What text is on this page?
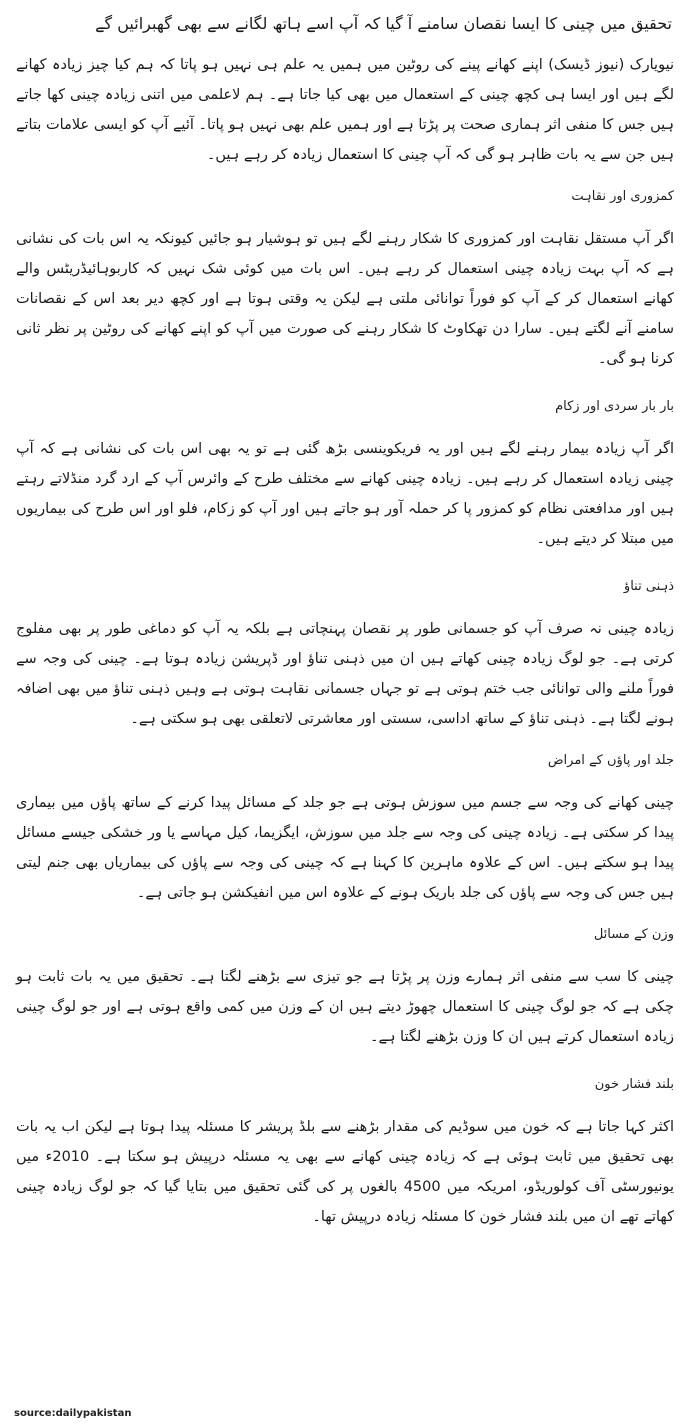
تحقیق میں چینی کا ایسا نقصان سامنے آ گیا کہ آپ اسے ہاتھ لگانے سے بھی گھبرائیں گے

نیویارک (نیوز ڈیسک) اپنے کھانے پینے کی روٹین میں ہمیں یہ علم ہی نہیں ہو پاتا کہ ہم کیا چیز زیادہ کھانے لگے ہیں اور ایسا ہی کچھ چینی کے استعمال میں بھی کیا جاتا ہے۔ ہم لاعلمی میں اتنی زیادہ چینی کھا جاتے ہیں جس کا منفی اثر ہماری صحت پر پڑتا ہے اور ہمیں علم بھی نہیں ہو پاتا۔ آئیے آپ کو ایسی علامات بتاتے ہیں جن سے یہ بات ظاہر ہو گی کہ آپ چینی کا استعمال زیادہ کر رہے ہیں۔

کمزوری اور نقاہت

اگر آپ مستقل نقاہت اور کمزوری کا شکار رہنے لگے ہیں تو ہوشیار ہو جائیں کیونکہ یہ اس بات کی نشانی ہے کہ آپ بہت زیادہ چینی استعمال کر رہے ہیں۔ اس بات میں کوئی شک نہیں کہ کاربوہائیڈریٹس والے کھانے استعمال کر کے آپ کو فوراً توانائی ملتی ہے لیکن یہ وقتی ہوتا ہے اور کچھ دیر بعد اس کے نقصانات سامنے آنے لگتے ہیں۔ سارا دن تھکاوٹ کا شکار رہنے کی صورت میں آپ کو اپنے کھانے کی روٹین پر نظر ثانی کرنا ہو گی۔

بار بار سردی اور زکام

اگر آپ زیادہ بیمار رہنے لگے ہیں اور یہ فریکوینسی بڑھ گئی ہے تو یہ بھی اس بات کی نشانی ہے کہ آپ چینی زیادہ استعمال کر رہے ہیں۔ زیادہ چینی کھانے سے مختلف طرح کے وائرس آپ کے ارد گرد منڈلاتے رہتے ہیں اور مدافعتی نظام کو کمزور پا کر حملہ آور ہو جاتے ہیں اور آپ کو زکام، فلو اور اس طرح کی بیماریوں میں مبتلا کر دیتے ہیں۔

ذہنی تناؤ

زیادہ چینی نہ صرف آپ کو جسمانی طور پر نقصان پہنچاتی ہے بلکہ یہ آپ کو دماغی طور پر بھی مفلوج کرتی ہے۔ جو لوگ زیادہ چینی کھاتے ہیں ان میں ذہنی تناؤ اور ڈپریشن زیادہ ہوتا ہے۔ چینی کی وجہ سے فوراً ملنے والی توانائی جب ختم ہوتی ہے تو جہاں جسمانی نقاہت ہوتی ہے وہیں ذہنی تناؤ میں بھی اضافہ ہونے لگتا ہے۔ ذہنی تناؤ کے ساتھ اداسی، سستی اور معاشرتی لاتعلقی بھی ہو سکتی ہے۔

جلد اور پاؤں کے امراض

چینی کھانے کی وجہ سے جسم میں سوزش ہوتی ہے جو جلد کے مسائل پیدا کرنے کے ساتھ پاؤں میں بیماری پیدا کر سکتی ہے۔ زیادہ چینی کی وجہ سے جلد میں سوزش، ایگزیما، کیل مہاسے یا ور خشکی جیسے مسائل پیدا ہو سکتے ہیں۔ اس کے علاوہ ماہرین کا کہنا ہے کہ چینی کی وجہ سے پاؤں کی بیماریاں بھی جنم لیتی ہیں جس کی وجہ سے پاؤں کی جلد باریک ہونے کے علاوہ اس میں انفیکشن ہو جاتی ہے۔

وزن کے مسائل

چینی کا سب سے منفی اثر ہمارے وزن پر پڑتا ہے جو تیزی سے بڑھنے لگتا ہے۔ تحقیق میں یہ بات ثابت ہو چکی ہے کہ جو لوگ چینی کا استعمال چھوڑ دیتے ہیں ان کے وزن میں کمی واقع ہوتی ہے اور جو لوگ چینی زیادہ استعمال کرتے ہیں ان کا وزن بڑھنے لگتا ہے۔

بلند فشار خون

اکثر کہا جاتا ہے کہ خون میں سوڈیم کی مقدار بڑھنے سے بلڈ پریشر کا مسئلہ پیدا ہوتا ہے لیکن اب یہ بات بھی تحقیق میں ثابت ہوئی ہے کہ زیادہ چینی کھانے سے بھی یہ مسئلہ درپیش ہو سکتا ہے۔ 2010ء میں یونیورسٹی آف کولوریڈو، امریکہ میں 4500 بالغوں پر کی گئی تحقیق میں بتایا گیا کہ جو لوگ زیادہ چینی کھاتے تھے ان میں بلند فشار خون کا مسئلہ زیادہ درپیش تھا۔

source:dailypakistan
